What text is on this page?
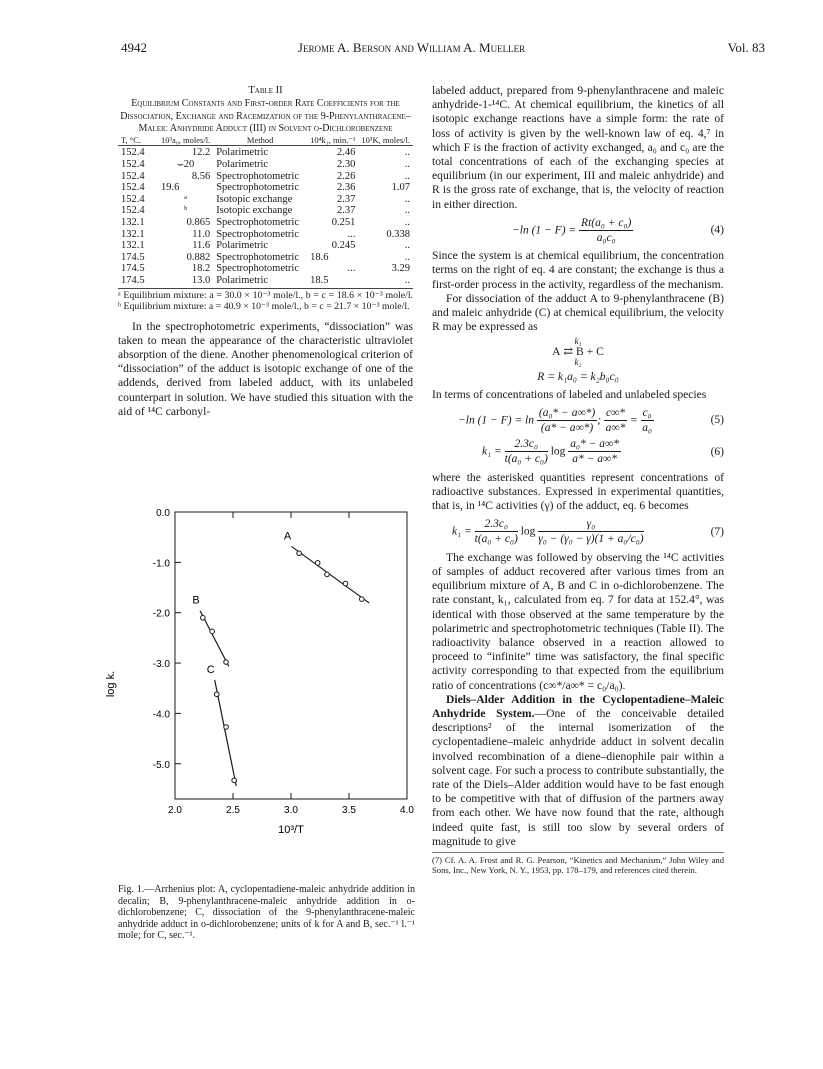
4942	Jerome A. Berson and William A. Mueller	Vol. 83
Table II
Equilibrium Constants and First-order Rate Coefficients for the Dissociation, Exchange and Racemization of the 9-Phenylanthracene–Maleic Anhydride Adduct (III) in Solvent o-Dichlorobenzene
T, °C.	10³a₀, moles/l.	Method	10⁴k₁, min.⁻¹	10³K, moles/l.
152.4	12.2	Polarimetric	2.46	..
152.4	⌣20	Polarimetric	2.30	..
152.4	8.56	Spectrophotometric	2.26	..
152.4	19.6	Spectrophotometric	2.36	1.07
152.4	ᵃ	Isotopic exchange	2.37	..
152.4	ᵇ	Isotopic exchange	2.37	..
132.1	0.865	Spectrophotometric	0.251	..
132.1	11.0	Spectrophotometric	...	0.338
132.1	11.6	Polarimetric	0.245	..
174.5	0.882	Spectrophotometric	18.6	..
174.5	18.2	Spectrophotometric	...	3.29
174.5	13.0	Polarimetric	18.5	..
ᵃ Equilibrium mixture: a = 30.0 × 10⁻³ mole/l., b = c = 18.6 × 10⁻³ mole/l. ᵇ Equilibrium mixture: a = 40.9 × 10⁻³ mole/l., b = c = 21.7 × 10⁻³ mole/l.

In the spectrophotometric experiments, “dissociation” was taken to mean the appearance of the characteristic ultraviolet absorption of the diene. Another phenomenological criterion of “dissociation” of the adduct is isotopic exchange of one of the addends, derived from labeled adduct, with its unlabeled counterpart in solution. We have studied this situation with the aid of ¹⁴C carbonyl-

0.0
-1.0
-2.0
-3.0
-4.0
-5.0
2.0	2.5	3.0	3.5	4.0
A
B
C
log k.
10³/T
Fig. 1.—Arrhenius plot: A, cyclopentadiene-maleic anhydride addition in decalin; B, 9-phenylanthracene-maleic anhydride addition in o-dichlorobenzene; C, dissociation of the 9-phenylanthracene-maleic anhydride adduct in o-dichlorobenzene; units of k for A and B, sec.⁻¹ l.⁻¹ mole; for C, sec.⁻¹.

labeled adduct, prepared from 9-phenylanthracene and maleic anhydride-1-¹⁴C. At chemical equilibrium, the kinetics of all isotopic exchange reactions have a simple form: the rate of loss of activity is given by the well-known law of eq. 4,⁷ in which F is the fraction of activity exchanged, a₀ and c₀ are the total concentrations of each of the exchanging species at equilibrium (in our experiment, III and maleic anhydride) and R is the gross rate of exchange, that is, the velocity of reaction in either direction.

−ln $(1 - F) = \frac{\text{Rt(a₀ + c₀)}}{\text{a₀c₀}}$	(4)

Since the system is at chemical equilibrium, the concentration terms on the right of eq. 4 are constant; the exchange is thus a first-order process in the activity, regardless of the mechanism.

For dissociation of the adduct A to 9-phenylanthracene (B) and maleic anhydride (C) at chemical equilibrium, the velocity R may be expressed as

k₁
A ⇄ B + C
k₂
R = k₁a₀ = k₂b₀c₀

In terms of concentrations of labeled and unlabeled species

−ln $(1 - F) = \ln \frac{\text{(a₀* − a∞*)}}{(a* - a\infty*)}$ ; $\frac{c\infty*}{a\infty*} = \frac{\text{c₀}}{\text{a₀}}$	(5)
$k_1 = \frac{\text{2.3c₀}}{\text{t(a₀ + c₀)}}$ $\log \frac{\text{a₀* − a∞*}}{a* - a\infty*}$	(6)

where the asterisked quantities represent concentrations of radioactive substances. Expressed in experimental quantities, that is, in ¹⁴C activities (γ) of the adduct, eq. 6 becomes

$k_1 = \frac{\text{2.3c₀}}{\text{t(a₀ + c₀)}}$ $\log \frac{\text{γ₀}}{\text{γ₀ − (γ₀ − γ)(1 + a₀/c₀)}}$	(7)

The exchange was followed by observing the ¹⁴C activities of samples of adduct recovered after various times from an equilibrium mixture of A, B and C in o-dichlorobenzene. The rate constant, k₁, calculated from eq. 7 for data at 152.4°, was identical with those observed at the same temperature by the polarimetric and spectrophotometric techniques (Table II). The radioactivity balance observed in a reaction allowed to proceed to “infinite” time was satisfactory, the final specific activity corresponding to that expected from the equilibrium ratio of concentrations (c∞*/a∞* = c₀/a₀).

Diels–Alder Addition in the Cyclopentadiene–Maleic Anhydride System.—One of the conceivable detailed descriptions² of the internal isomerization of the cyclopentadiene–maleic anhydride adduct in solvent decalin involved recombination of a diene–dienophile pair within a solvent cage. For such a process to contribute substantially, the rate of the Diels–Alder addition would have to be fast enough to be competitive with that of diffusion of the partners away from each other. We have now found that the rate, although indeed quite fast, is still too slow by several orders of magnitude to give

(7) Cf. A. A. Frost and R. G. Pearson, “Kinetics and Mechanism,” John Wiley and Sons, Inc., New York, N. Y., 1953, pp. 178–179, and references cited therein.
